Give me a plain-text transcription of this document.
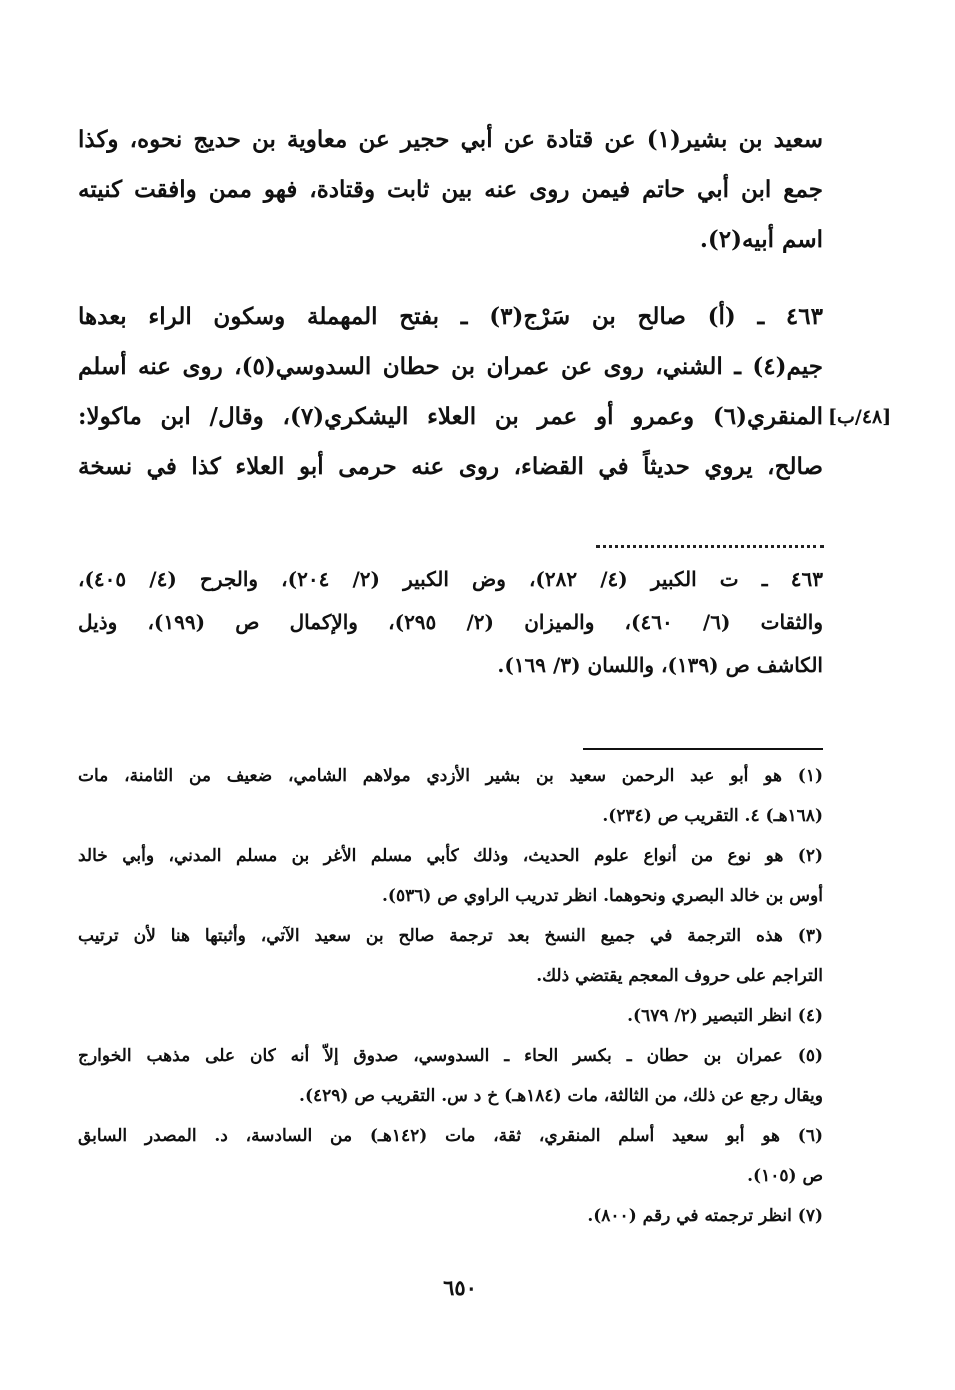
سعيد بن بشير(١) عن قتادة عن أبي حجير عن معاوية بن حديج نحوه، وكذا
جمع ابن أبي حاتم فيمن روى عنه بين ثابت وقتادة، فهو ممن وافقت كنيته
اسم أبيه(٢).
٤٦٣ ـ (أ) صالح بن سَرْج(٣) ـ بفتح المهملة وسكون الراء بعدها
جيم(٤) ـ الشني، روى عن عمران بن حطان السدوسي(٥)، روى عنه أسلم
المنقري(٦) وعمرو أو عمر بن العلاء اليشكري(٧)، وقال/ ابن ماكولا:
صالح، يروي حديثاً في القضاء، روى عنه حرمى أبو العلاء كذا في نسخة
[٤٨/ب]
٤٦٣ ـ ت الكبير (٤/ ٢٨٢)، وض الكبير (٢/ ٢٠٤)، والجرح (٤/ ٤٠٥)،
والثقات (٦/ ٤٦٠)، والميزان (٢/ ٢٩٥)، والإكمال ص (١٩٩)، وذيل
الكاشف ص (١٣٩)، واللسان (٣/ ١٦٩).
(١) هو أبو عبد الرحمن سعيد بن بشير الأزدي مولاهم الشامي، ضعيف من الثامنة، مات
(١٦٨هـ) ٤. التقريب ص (٢٣٤).
(٢) هو نوع من أنواع علوم الحديث، وذلك كأبي مسلم الأغر بن مسلم المدني، وأبي خالد
أوس بن خالد البصري ونحوهما. انظر تدريب الراوي ص (٥٣٦).
(٣) هذه الترجمة في جميع النسخ بعد ترجمة صالح بن سعيد الآتي، وأثبتها هنا لأن ترتيب
التراجم على حروف المعجم يقتضي ذلك.
(٤) انظر التبصير (٢/ ٦٧٩).
(٥) عمران بن حطان ـ بكسر الحاء ـ السدوسي، صدوق إلاّ أنه كان على مذهب الخوارج
ويقال رجع عن ذلك، من الثالثة، مات (١٨٤هـ) خ د س. التقريب ص (٤٢٩).
(٦) هو أبو سعيد أسلم المنقري، ثقة، مات (١٤٢هـ) من السادسة، د. المصدر السابق
ص (١٠٥).
(٧) انظر ترجمته في رقم (٨٠٠).
٦٥٠
